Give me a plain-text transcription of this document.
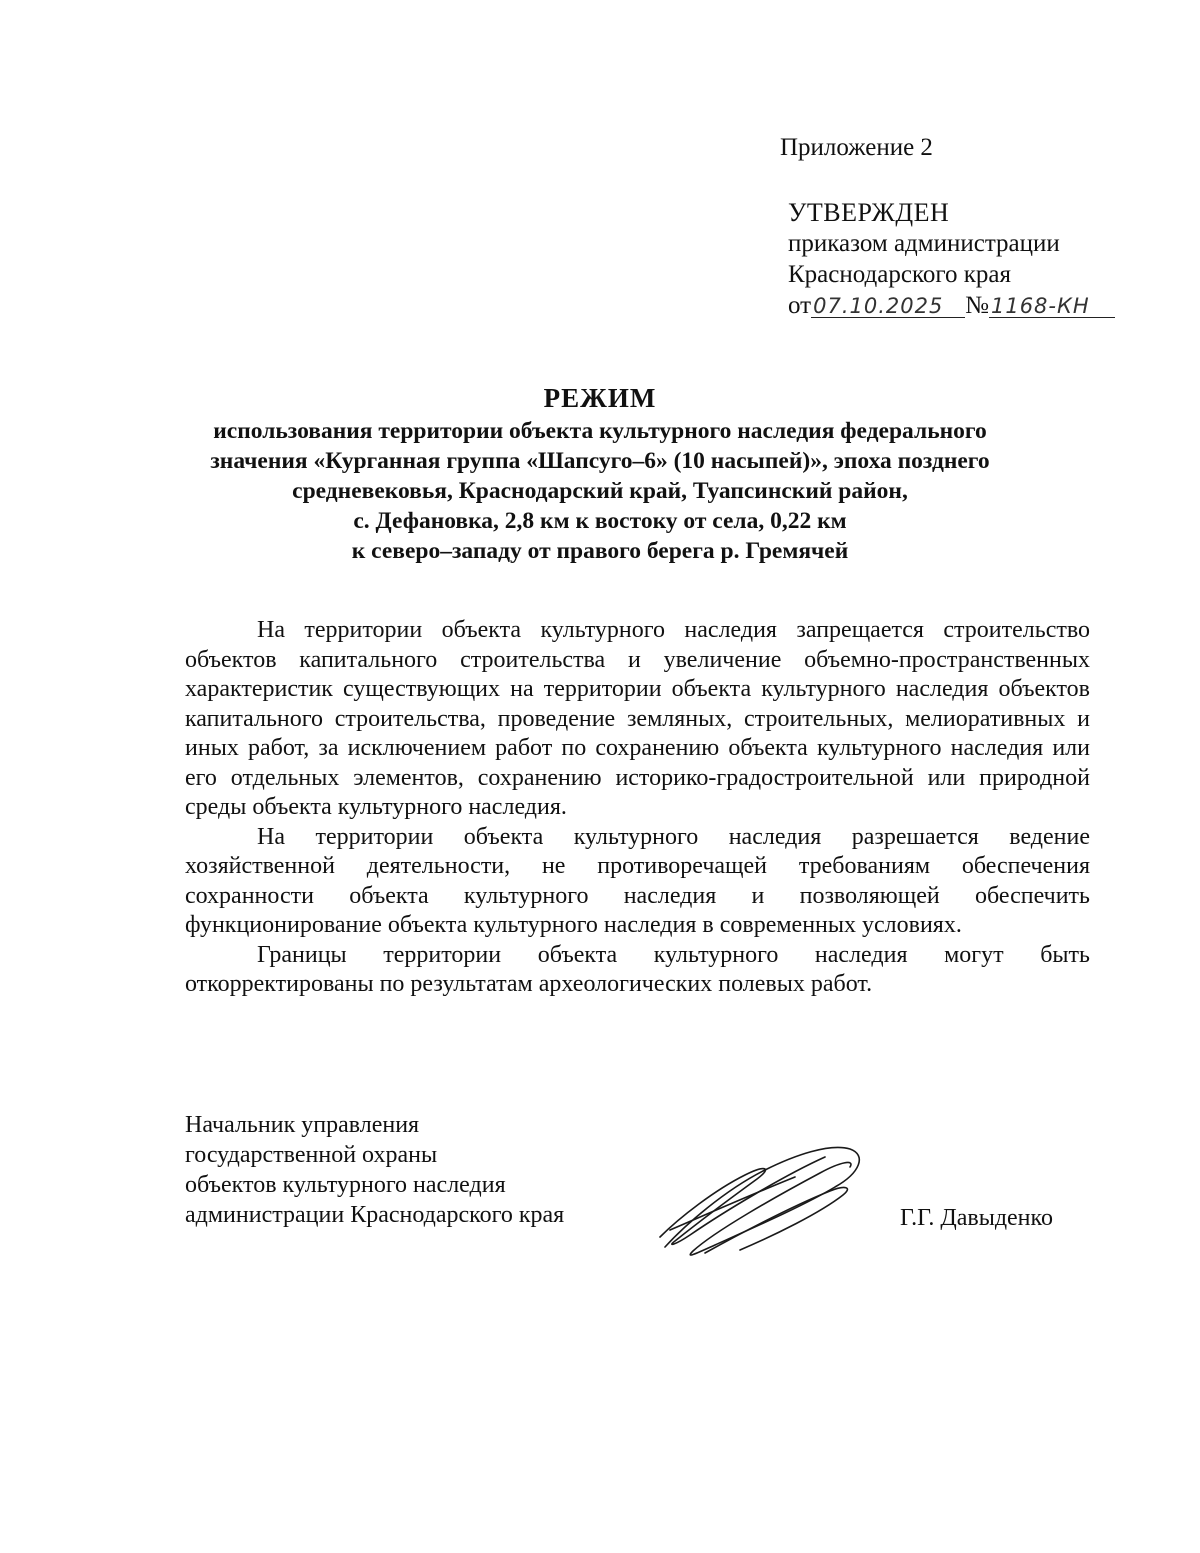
Приложение 2
УТВЕРЖДЕН
приказом администрации
Краснодарского края
от07.10.2025 №1168-КН
РЕЖИМ
использования территории объекта культурного наследия федерального
значения «Курганная группа «Шапсуго–6» (10 насыпей)», эпоха позднего
средневековья, Краснодарский край, Туапсинский район,
с. Дефановка, 2,8 км к востоку от села, 0,22 км
к северо–западу от правого берега р. Гремячей

На территории объекта культурного наследия запрещается строительство объектов капитального строительства и увеличение объемно-пространственных характеристик существующих на территории объекта культурного наследия объектов капитального строительства, проведение земляных, строительных, мелиоративных и иных работ, за исключением работ по сохранению объекта культурного наследия или его отдельных элементов, сохранению историко-градостроительной или природной среды объекта культурного наследия.

На территории объекта культурного наследия разрешается ведение хозяйственной деятельности, не противоречащей требованиям обеспечения сохранности объекта культурного наследия и позволяющей обеспечить функционирование объекта культурного наследия в современных условиях.

Границы территории объекта культурного наследия могут быть откорректированы по результатам археологических полевых работ.

Начальник управления
государственной охраны
объектов культурного наследия
администрации Краснодарского края	Г.Г. Давыденко
